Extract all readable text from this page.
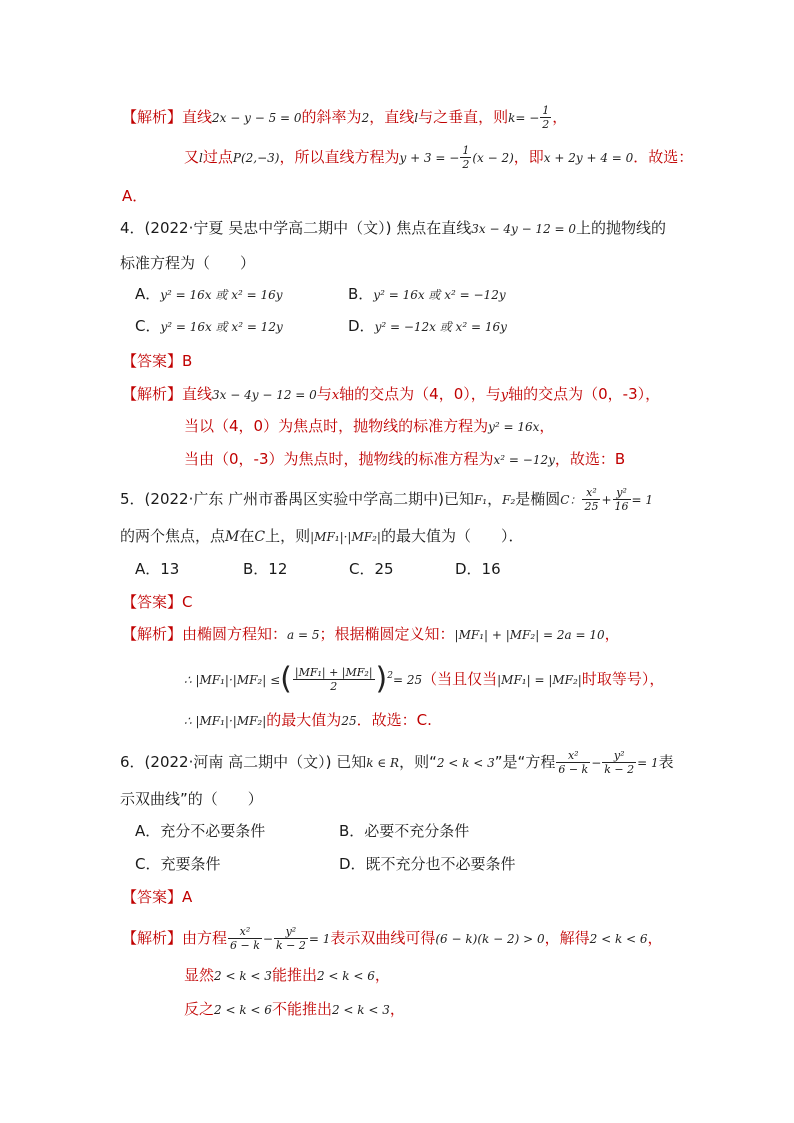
【解析】直线2x − y − 5 = 0的斜率为2，直线l与之垂直，则$k= - \frac{1}{2}$ ，
又l过点P(2,−3)，所以直线方程为y + 3 = − $\frac{1}{2} (x - 2)$，即x + 2y + 4 = 0．故选：
A．
4．(2022·宁夏 吴忠中学高二期中（文）) 焦点在直线3x − 4y − 12 = 0上的抛物线的
标准方程为（　　）
A．y² = 16x 或 x² = 16y	B．y² = 16x 或 x² = −12y
C．y² = 16x 或 x² = 12y	D．y² = −12x 或 x² = 16y
【答案】B
【解析】直线3x − 4y − 12 = 0与x轴的交点为（4，0），与y轴的交点为（0，-3），
当以（4，0）为焦点时，抛物线的标准方程为y² = 16x，
当由（0，-3）为焦点时，抛物线的标准方程为x² = −12y，故选：B
5．(2022·广东 广州市番禺区实验中学高二期中)已知F₁，F₂是椭圆C： $\frac{\text{x²}}{25} + \frac{\text{y²}}{16} = 1$
的两个焦点，点M在C上，则|MF₁|·|MF₂|的最大值为（　　）．
A．13	B．12	C．25	D．16
【答案】C
【解析】由椭圆方程知：a = 5；根据椭圆定义知：|MF₁| + |MF₂| = 2a = 10，
∴ |MF₁|·|MF₂| ≤( $\frac{\text{|MF₁| + |MF₂|}}{2} )^2= 25$（当且仅当|MF₁| = |MF₂|时取等号），
∴ |MF₁|·|MF₂|的最大值为25．故选：C.
6．(2022·河南 高二期中（文）) 已知k ∈ R，则“2 < k < 3”是“方程 $\frac{\text{x²}}{6 - k} - \frac{\text{y²}}{k - 2} = 1$表
示双曲线”的（　　）
A．充分不必要条件	B．必要不充分条件
C．充要条件	D．既不充分也不必要条件
【答案】A
【解析】由方程 $\frac{\text{x²}}{6 - k} - \frac{\text{y²}}{k - 2} = 1$表示双曲线可得(6 − k)(k − 2) > 0，解得2 < k < 6，
显然2 < k < 3能推出2 < k < 6，
反之2 < k < 6不能推出2 < k < 3，
